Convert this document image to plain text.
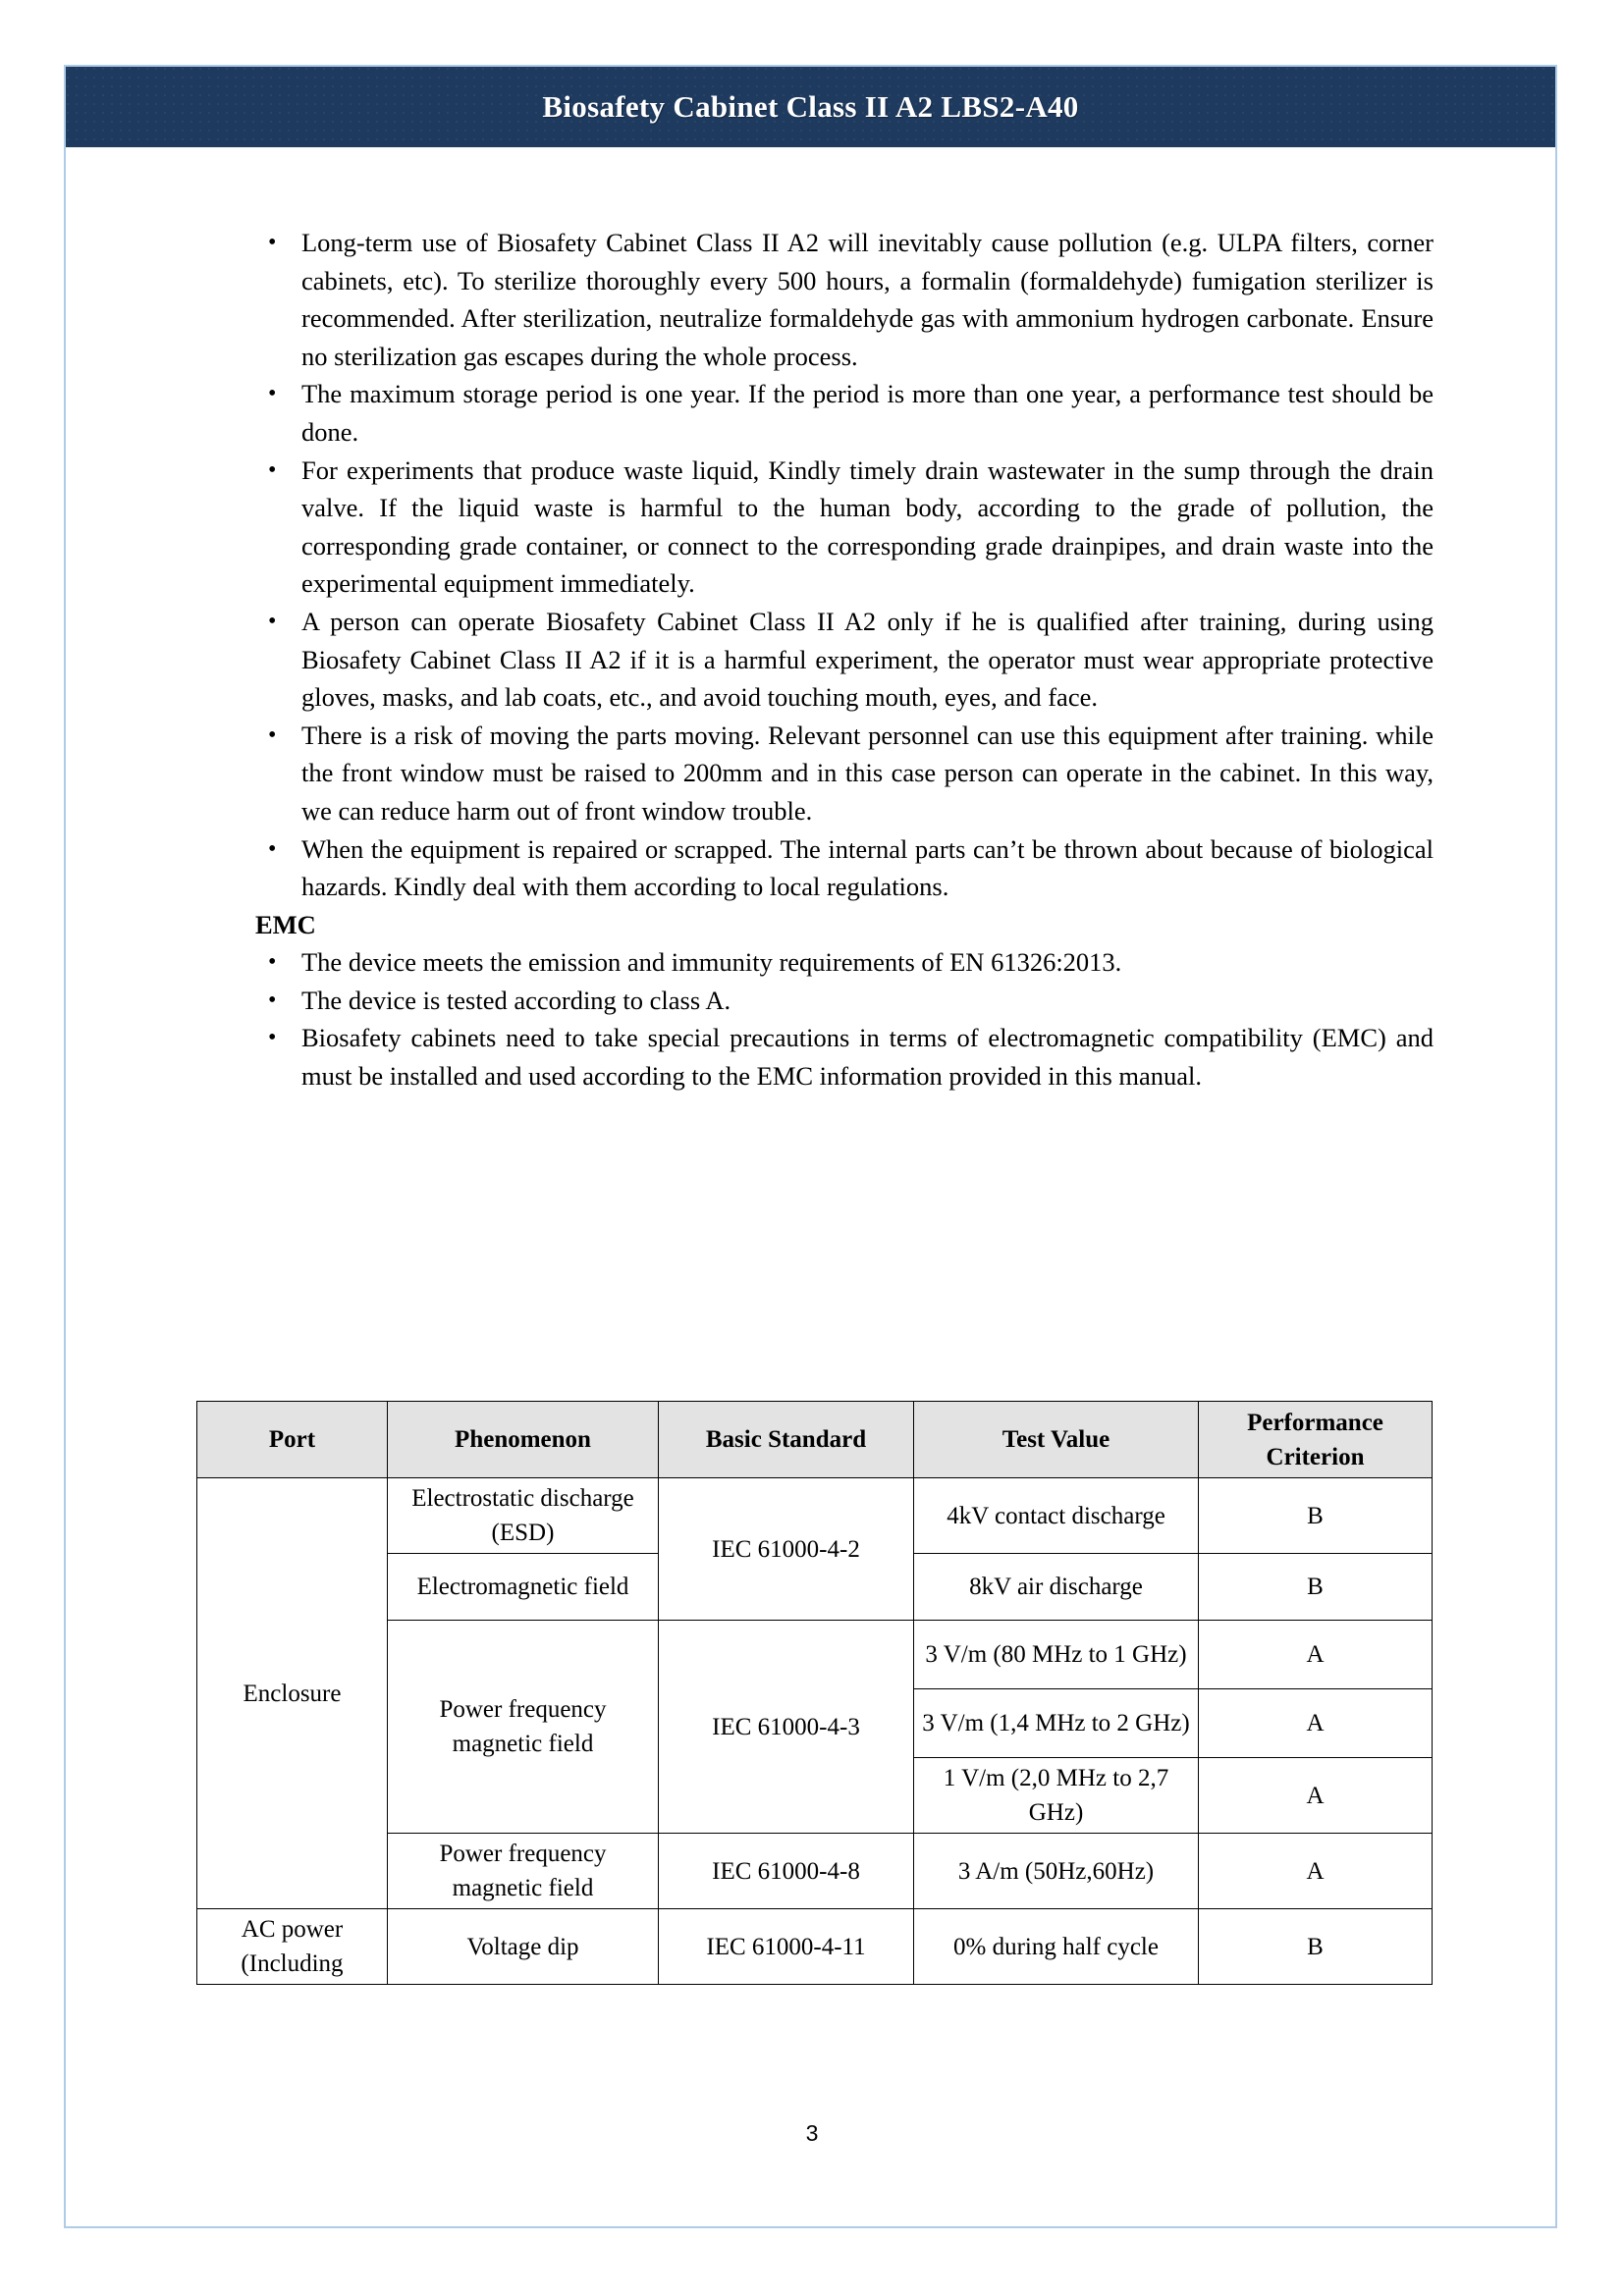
Biosafety Cabinet Class II A2 LBS2-A40
• Long-term use of Biosafety Cabinet Class II A2 will inevitably cause pollution (e.g. ULPA filters, corner cabinets, etc). To sterilize thoroughly every 500 hours, a formalin (formaldehyde) fumigation sterilizer is recommended. After sterilization, neutralize formaldehyde gas with ammonium hydrogen carbonate. Ensure no sterilization gas escapes during the whole process.
• The maximum storage period is one year. If the period is more than one year, a performance test should be done.
• For experiments that produce waste liquid, Kindly timely drain wastewater in the sump through the drain valve. If the liquid waste is harmful to the human body, according to the grade of pollution, the corresponding grade container, or connect to the corresponding grade drainpipes, and drain waste into the experimental equipment immediately.
• A person can operate Biosafety Cabinet Class II A2 only if he is qualified after training, during using Biosafety Cabinet Class II A2 if it is a harmful experiment, the operator must wear appropriate protective gloves, masks, and lab coats, etc., and avoid touching mouth, eyes, and face.
• There is a risk of moving the parts moving. Relevant personnel can use this equipment after training. while the front window must be raised to 200mm and in this case person can operate in the cabinet. In this way, we can reduce harm out of front window trouble.
• When the equipment is repaired or scrapped. The internal parts can’t be thrown about because of biological hazards. Kindly deal with them according to local regulations.
EMC
• The device meets the emission and immunity requirements of EN 61326:2013.
• The device is tested according to class A.
• Biosafety cabinets need to take special precautions in terms of electromagnetic compatibility (EMC) and must be installed and used according to the EMC information provided in this manual.
Port	Phenomenon	Basic Standard	Test Value	Performance Criterion
Enclosure	Electrostatic discharge (ESD)	IEC 61000-4-2	4kV contact discharge	B
	Electromagnetic field		8kV air discharge	B
	Power frequency magnetic field	IEC 61000-4-3	3 V/m (80 MHz to 1 GHz)	A
			3 V/m (1,4 MHz to 2 GHz)	A
			1 V/m (2,0 MHz to 2,7 GHz)	A
	Power frequency magnetic field	IEC 61000-4-8	3 A/m (50Hz,60Hz)	A
AC power (Including	Voltage dip	IEC 61000-4-11	0% during half cycle	B
3
